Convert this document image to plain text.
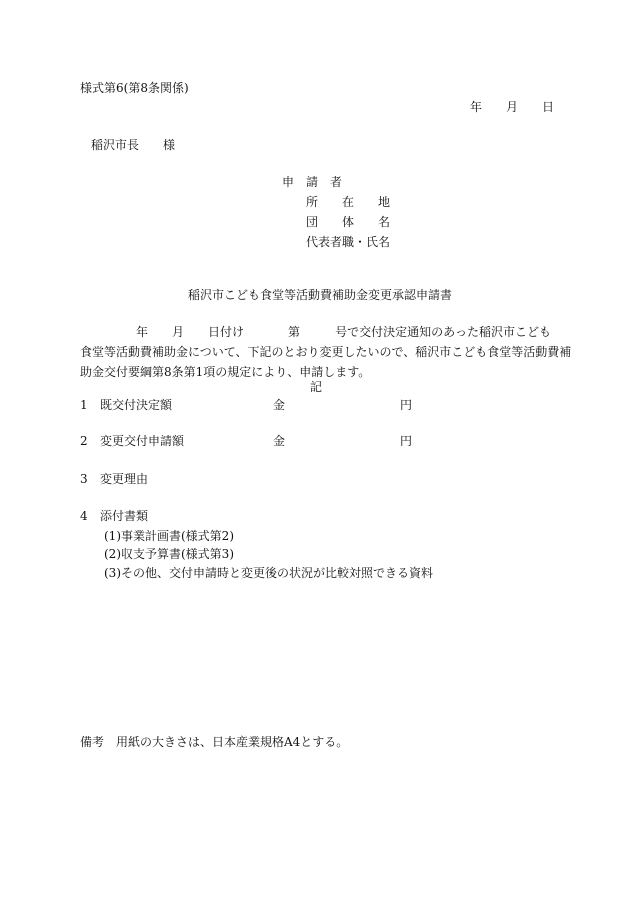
様式第6(第8条関係)
年 月 日
稲沢市長 様
申　請　者
所　　在　　地
団　　体　　名
代表者職・氏名
稲沢市こども食堂等活動費補助金変更承認申請書
年 月 日付け	第	号で交付決定通知のあった稲沢市こども
食堂等活動費補助金について、下記のとおり変更したいので、稲沢市こども食堂等活動費補
助金交付要綱第8条第1項の規定により、申請します。
記
1 既交付決定額	金	円
2 変更交付申請額	金	円
3 変更理由
4 添付書類
(1)事業計画書(様式第2)
(2)収支予算書(様式第3)
(3)その他、交付申請時と変更後の状況が比較対照できる資料
備考　用紙の大きさは、日本産業規格A4とする。
